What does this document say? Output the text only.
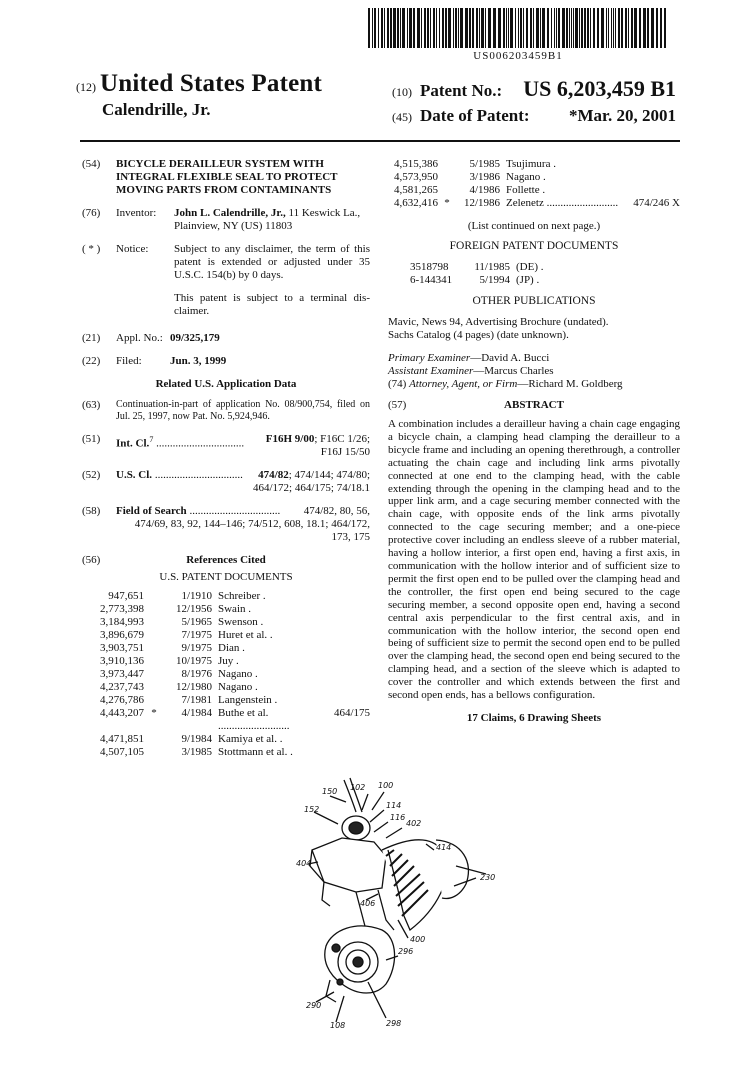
US006203459B1
(12) United States Patent
Calendrille, Jr.
(10) Patent No.: US 6,203,459 B1
(45) Date of Patent: *Mar. 20, 2001
(54)	BICYCLE DERAILLEUR SYSTEM WITH INTEGRAL FLEXIBLE SEAL TO PROTECT MOVING PARTS FROM CONTAMINANTS
(76)	Inventor:	John L. Calendrille, Jr., 11 Keswick La., Plainview, NY (US) 11803
( * )	Notice:	Subject to any disclaimer, the term of this patent is extended or adjusted under 35 U.S.C. 154(b) by 0 days.
This patent is subject to a terminal dis-claimer.
(21)	Appl. No.: 09/325,179
(22)	Filed:	Jun. 3, 1999
Related U.S. Application Data
(63)	Continuation-in-part of application No. 08/900,754, filed on Jul. 25, 1997, now Pat. No. 5,924,946.
(51)	Int. Cl.$^7$ ................................ F16H 9/00; F16C 1/26; F16J 15/50
(52)	U.S. Cl. ................................ 474/82; 474/144; 474/80; 464/172; 464/175; 74/18.1
(58)	Field of Search ................................. 474/82, 80, 56, 474/69, 83, 92, 144–146; 74/512, 608, 18.1; 464/172, 173, 175
(56)	References Cited
U.S. PATENT DOCUMENTS
947,651	1/1910 Schreiber .
2,773,398	12/1956 Swain .
3,184,993	5/1965 Swenson .
3,896,679	7/1975 Huret et al. .
3,903,751	9/1975 Dian .
3,910,136	10/1975 Juy .
3,973,447	8/1976 Nagano .
4,237,743	12/1980 Nagano .
4,276,786	7/1981 Langenstein .
4,443,207 *	4/1984 Buthe et al. ..........................
464/175
4,471,851	9/1984 Kamiya et al. .
4,507,105	3/1985 Stottmann et al. .
4,515,386	5/1985 Tsujimura .
4,573,950	3/1986 Nagano .
4,581,265	4/1986 Follette .
4,632,416 *	12/1986 Zelenetz ..........................	474/246 X
(List continued on next page.)
FOREIGN PATENT DOCUMENTS
3518798	11/1985 (DE) .
6-144341	5/1994 (JP) .
OTHER PUBLICATIONS
Mavic, News 94, Advertising Brochure (undated).
Sachs Catalog (4 pages) (date unknown).
Primary Examiner—David A. Bucci
Assistant Examiner—Marcus Charles
(74) Attorney, Agent, or Firm—Richard M. Goldberg
(57)	ABSTRACT
A combination includes a derailleur having a chain cage engaging a bicycle chain, a clamping head clamping the derailleur to a bicycle frame and including an opening therethrough, a controller actuating the chain cage and including link arms pivotally connected at one end to the clamping head, with the cable extending through the opening in the clamping head and to the upper link arm, and a cage securing member connected with the chain cage, with opposite ends of the link arms pivotally connected to the cage securing member; and a one-piece protective cover including an endless sleeve of a rubber material, having a hollow interior, a first open end, having a first axis, in communication with the hollow interior and of sufficient size to permit the first open end to be pulled over the clamping head and the controller, the first open end being secured to the cage securing member, a second opposite open end, having a second central axis perpendicular to the first central axis, and in communication with the hollow interior, the second open end being of sufficient size to permit the second open end to be pulled over the clamping head, the second open end being secured to the clamping head, and a section of the sleeve which is adapted to cover the controller and which extends between the first and second open ends, has a bellows configuration.
17 Claims, 6 Drawing Sheets
150 102 100
152	114
116
402
414
404
230
406
400
296
290
108	298
